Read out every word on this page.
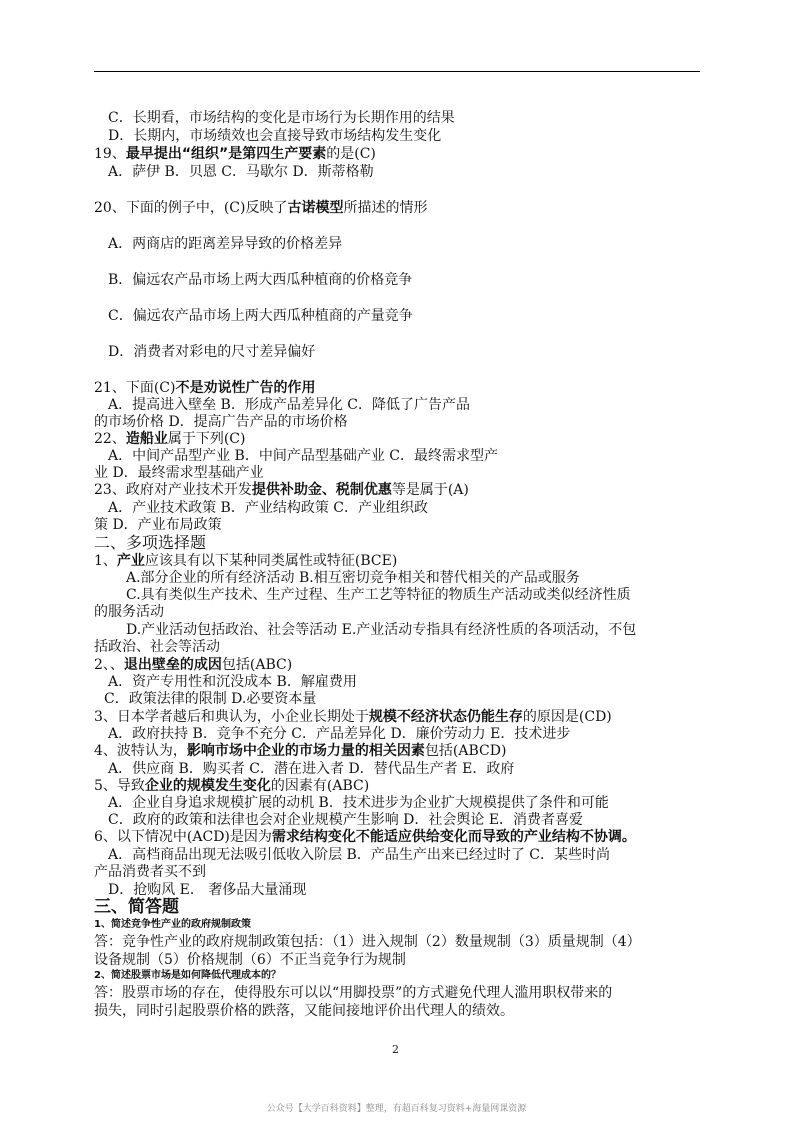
C．长期看，市场结构的变化是市场行为长期作用的结果
D．长期内，市场绩效也会直接导致市场结构发生变化
19、最早提出“组织”是第四生产要素的是(C)
A．萨伊 B．贝恩 C．马歇尔 D．斯蒂格勒
20、下面的例子中，(C)反映了古诺模型所描述的情形
A．两商店的距离差异导致的价格差异
B．偏远农产品市场上两大西瓜种植商的价格竞争
C．偏远农产品市场上两大西瓜种植商的产量竞争
D．消费者对彩电的尺寸差异偏好
21、下面(C)不是劝说性广告的作用
A．提高进入壁垒 B．形成产品差异化 C．降低了广告产品
的市场价格 D．提高广告产品的市场价格
22、造船业属于下列(C)
A．中间产品型产业 B．中间产品型基础产业 C．最终需求型产
业 D．最终需求型基础产业
23、政府对产业技术开发提供补助金、税制优惠等是属于(A)
A．产业技术政策 B．产业结构政策 C．产业组织政
策 D．产业布局政策
二、多项选择题
1、产业应该具有以下某种同类属性或特征(BCE)
A.部分企业的所有经济活动 B.相互密切竞争相关和替代相关的产品或服务
C.具有类似生产技术、生产过程、生产工艺等特征的物质生产活动或类似经济性质
的服务活动
D.产业活动包括政治、社会等活动 E.产业活动专指具有经济性质的各项活动，不包
括政治、社会等活动
2、、退出壁垒的成因包括(ABC)
A．资产专用性和沉没成本 B．解雇费用
C．政策法律的限制 D.必要资本量
3、日本学者越后和典认为，小企业长期处于规模不经济状态仍能生存的原因是(CD)
A．政府扶持 B．竞争不充分 C．产品差异化 D．廉价劳动力 E．技术进步
4、波特认为，影响市场中企业的市场力量的相关因素包括(ABCD)
A．供应商 B．购买者 C．潜在进入者 D．替代品生产者 E．政府
5、导致企业的规模发生变化的因素有(ABC)
A．企业自身追求规模扩展的动机 B．技术进步为企业扩大规模提供了条件和可能
C．政府的政策和法律也会对企业规模产生影响 D．社会舆论 E．消费者喜爱
6、以下情况中(ACD)是因为需求结构变化不能适应供给变化而导致的产业结构不协调。
A．高档商品出现无法吸引低收入阶层 B．产品生产出来已经过时了 C．某些时尚
产品消费者买不到
D．抢购风 E． 奢侈品大量涌现
三、简答题
1、简述竞争性产业的政府规制政策
答：竞争性产业的政府规制政策包括：（1）进入规制（2）数量规制（3）质量规制（4）
设备规制（5）价格规制（6）不正当竞争行为规制
2、简述股票市场是如何降低代理成本的？
答：股票市场的存在，使得股东可以以“用脚投票”的方式避免代理人滥用职权带来的
损失，同时引起股票价格的跌落，又能间接地评价出代理人的绩效。
2
公众号【大学百科资料】整理，有超百科复习资料+海量网课资源
